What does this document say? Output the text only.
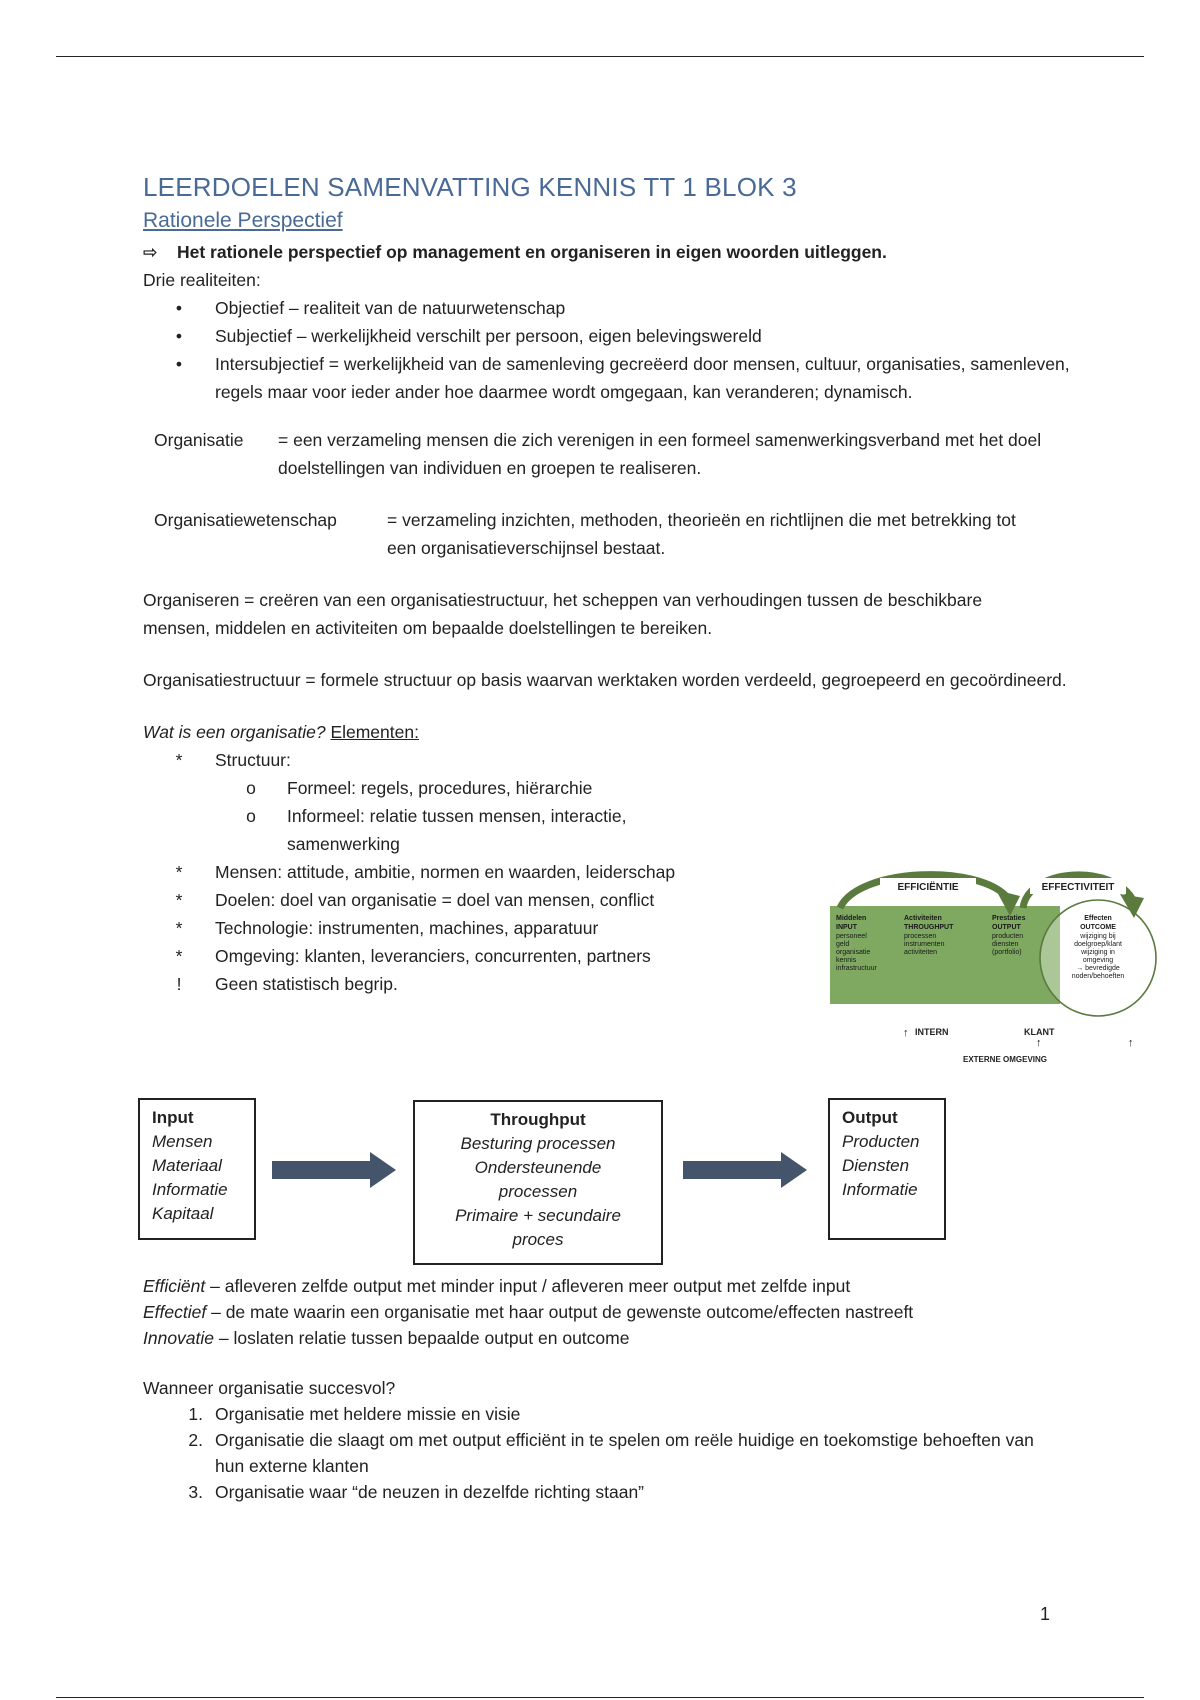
LEERDOELEN SAMENVATTING KENNIS TT 1 BLOK 3
Rationele Perspectief
⇨	Het rationele perspectief op management en organiseren in eigen woorden uitleggen.

Drie realiteiten:

•	Objectief – realiteit van de natuurwetenschap
•	Subjectief – werkelijkheid verschilt per persoon, eigen belevingswereld
•	Intersubjectief = werkelijkheid van de samenleving gecreëerd door mensen, cultuur, organisaties, samenleven, regels maar voor ieder ander hoe daarmee wordt omgegaan, kan veranderen; dynamisch.
Organisatie	= een verzameling mensen die zich verenigen in een formeel samenwerkingsverband met het doel doelstellingen van individuen en groepen te realiseren.
Organisatiewetenschap	= verzameling inzichten, methoden, theorieën en richtlijnen die met betrekking tot een organisatieverschijnsel bestaat.

Organiseren = creëren van een organisatiestructuur, het scheppen van verhoudingen tussen de beschikbare mensen, middelen en activiteiten om bepaalde doelstellingen te bereiken.

Organisatiestructuur = formele structuur op basis waarvan werktaken worden verdeeld, gegroepeerd en gecoördineerd.

Wat is een organisatie? Elementen:

*	Structuur:
o	Formeel: regels, procedures, hiërarchie
o	Informeel: relatie tussen mensen, interactie, samenwerking
*	Mensen: attitude, ambitie, normen en waarden, leiderschap
*	Doelen: doel van organisatie = doel van mensen, conflict
*	Technologie: instrumenten, machines, apparatuur
*	Omgeving: klanten, leveranciers, concurrenten, partners
!	Geen statistisch begrip.
EFFICIËNTIE	EFFECTIVITEIT
Middelen
INPUT
personeel
geld
organisatie
kennis
infrastructuur
Activiteiten
THROUGHPUT
processen
instrumenten
activiteiten
Prestaties
OUTPUT
producten
diensten
(portfolio)
Effecten
OUTCOME
wijziging bij
doelgroep/klant
wijziging in
omgeving
→ bevredigde
noden/behoeften
↑ INTERN	KLANT
↑	↑
EXTERNE OMGEVING
Input
Mensen
Materiaal
Informatie
Kapitaal
Throughput
Besturing processen
Ondersteunende
processen
Primaire + secundaire
proces
Output
Producten
Diensten
Informatie

Efficiënt – afleveren zelfde output met minder input / afleveren meer output met zelfde input

Effectief – de mate waarin een organisatie met haar output de gewenste outcome/effecten nastreeft

Innovatie – loslaten relatie tussen bepaalde output en outcome

Wanneer organisatie succesvol?

1. Organisatie met heldere missie en visie
2. Organisatie die slaagt om met output efficiënt in te spelen om reële huidige en toekomstige behoeften van hun externe klanten
3. Organisatie waar “de neuzen in dezelfde richting staan”
1
